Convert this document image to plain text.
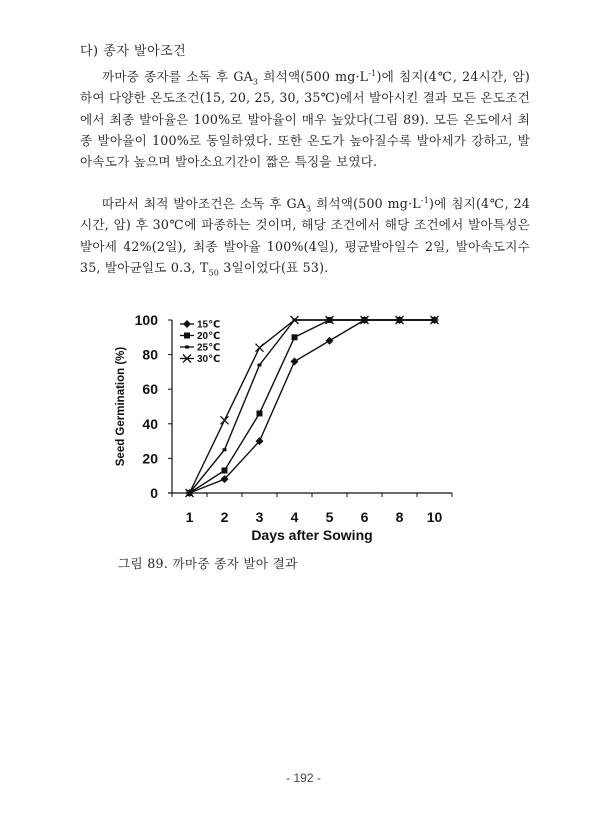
다) 종자 발아조건
까마중 종자를 소독 후 $GA_3$ 희석액(500 $mg\cdot L^{-1}$)에 침지(4℃, 24시간, 암)하여 다양한 온도조건(15, 20, 25, 30, 35℃)에서 발아시킨 결과 모든 온도조건에서 최종 발아율은 100%로 발아율이 매우 높았다(그림 89). 모든 온도에서 최종 발아율이 100%로 동일하였다. 또한 온도가 높아질수록 발아세가 강하고, 발아속도가 높으며 발아소요기간이 짧은 특징을 보였다.
따라서 최적 발아조건은 소독 후 $GA_3$ 희석액(500 $mg\cdot L^{-1}$)에 침지(4℃, 24시간, 암) 후 30℃에 파종하는 것이며, 해당 조건에서 해당 조건에서 발아특성은 발아세 42%(2일), 최종 발아율 100%(4일), 평균발아일수 2일, 발아속도지수 35, 발아균일도 0.3, $T_{50}$ 3일이었다(표 53).
0
20
40
60
80
100
1 2 3 4 5 6 8 10
Days after Sowing
Seed Germination (%)
15℃
20℃
25℃
30℃
그림 89. 까마중 종자 발아 결과
- 192 -
